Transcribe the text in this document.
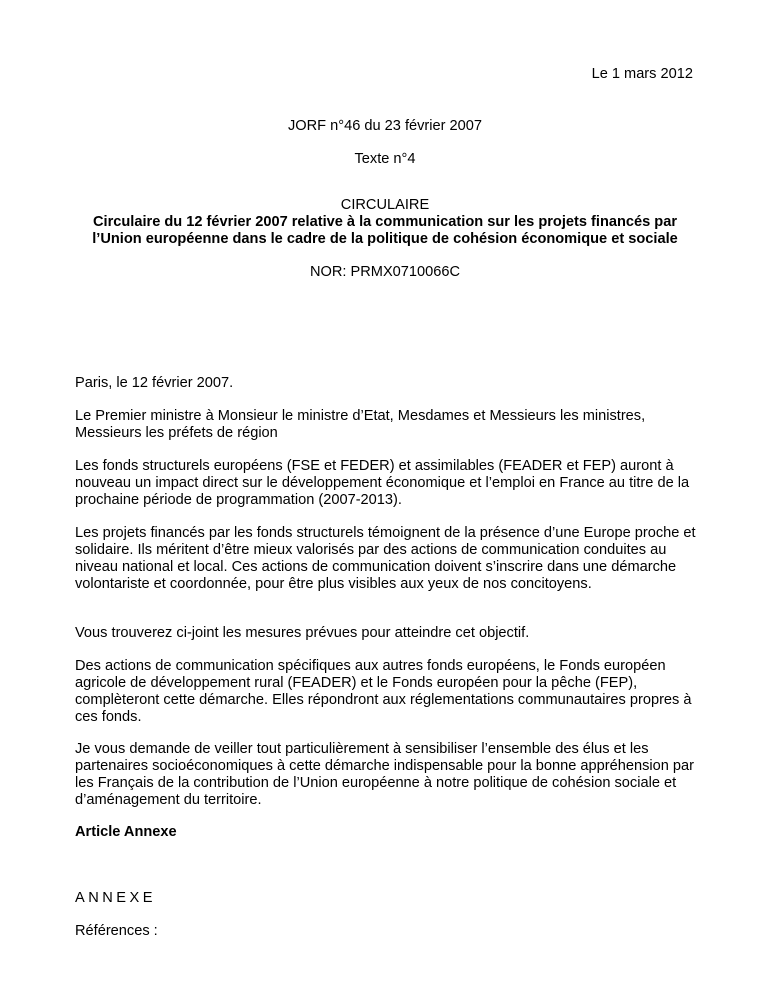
Le 1 mars 2012
JORF n°46 du 23 février 2007
Texte n°4
CIRCULAIRE
Circulaire du 12 février 2007 relative à la communication sur les projets financés par
l’Union européenne dans le cadre de la politique de cohésion économique et sociale
NOR: PRMX0710066C

Paris, le 12 février 2007.

Le Premier ministre à Monsieur le ministre d’Etat, Mesdames et Messieurs les ministres, Messieurs les préfets de région

Les fonds structurels européens (FSE et FEDER) et assimilables (FEADER et FEP) auront à nouveau un impact direct sur le développement économique et l’emploi en France au titre de la prochaine période de programmation (2007-2013).

Les projets financés par les fonds structurels témoignent de la présence d’une Europe proche et solidaire. Ils méritent d’être mieux valorisés par des actions de communication conduites au niveau national et local. Ces actions de communication doivent s’inscrire dans une démarche volontariste et coordonnée, pour être plus visibles aux yeux de nos concitoyens.

Vous trouverez ci-joint les mesures prévues pour atteindre cet objectif.

Des actions de communication spécifiques aux autres fonds européens, le Fonds européen agricole de développement rural (FEADER) et le Fonds européen pour la pêche (FEP), complèteront cette démarche. Elles répondront aux réglementations communautaires propres à ces fonds.

Je vous demande de veiller tout particulièrement à sensibiliser l’ensemble des élus et les partenaires socioéconomiques à cette démarche indispensable pour la bonne appréhension par les Français de la contribution de l’Union européenne à notre politique de cohésion sociale et d’aménagement du territoire.

Article Annexe

ANNEXE

Références :
